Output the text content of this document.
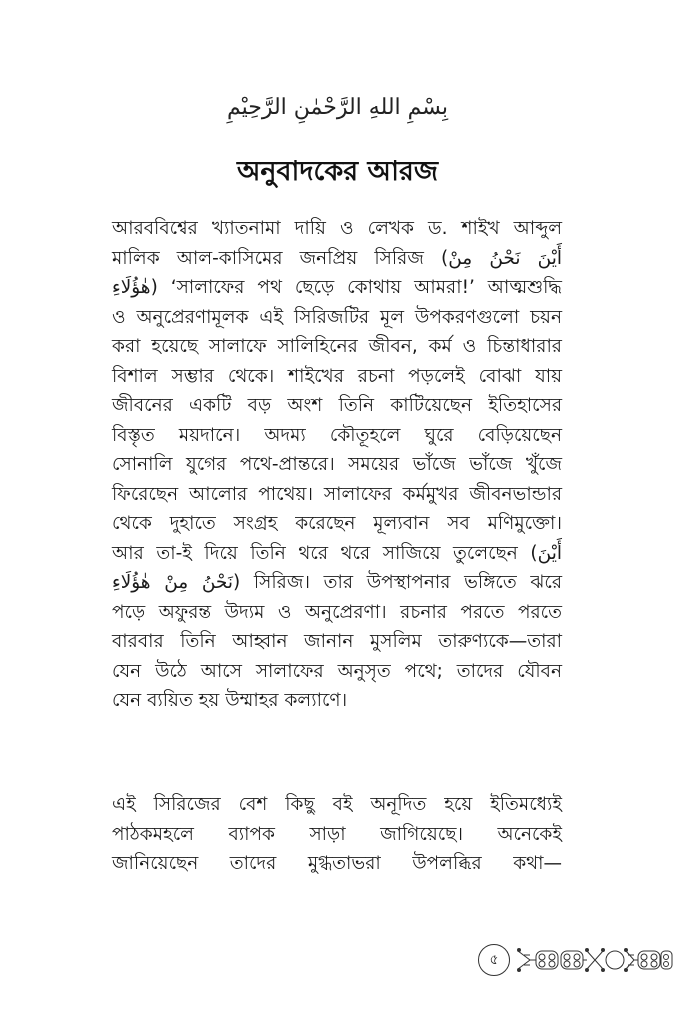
بِسْمِ اللهِ الرَّحْمٰنِ الرَّحِيْمِ
অনুবাদকের আরজ
আরববিশ্বের খ্যাতনামা দায়ি ও লেখক ড. শাইখ আব্দুল
মালিক আল-কাসিমের জনপ্রিয় সিরিজ (أَيْنَ نَحْنُ مِنْ
هٰؤُلَاءِ) ‘সালাফের পথ ছেড়ে কোথায় আমরা!’ আত্মশুদ্ধি
ও অনুপ্রেরণামূলক এই সিরিজটির মূল উপকরণগুলো চয়ন
করা হয়েছে সালাফে সালিহিনের জীবন, কর্ম ও চিন্তাধারার
বিশাল সম্ভার থেকে। শাইখের রচনা পড়লেই বোঝা যায়
জীবনের একটি বড় অংশ তিনি কাটিয়েছেন ইতিহাসের
বিস্তৃত ময়দানে। অদম্য কৌতূহলে ঘুরে বেড়িয়েছেন
সোনালি যুগের পথে-প্রান্তরে। সময়ের ভাঁজে ভাঁজে খুঁজে
ফিরেছেন আলোর পাথেয়। সালাফের কর্মমুখর জীবনভান্ডার
থেকে দুহাতে সংগ্রহ করেছেন মূল্যবান সব মণিমুক্তো।
আর তা-ই দিয়ে তিনি থরে থরে সাজিয়ে তুলেছেন (أَيْنَ
نَحْنُ مِنْ هٰؤُلَاءِ) সিরিজ। তার উপস্থাপনার ভঙ্গিতে ঝরে
পড়ে অফুরন্ত উদ্যম ও অনুপ্রেরণা। রচনার পরতে পরতে
বারবার তিনি আহ্বান জানান মুসলিম তারুণ্যকে—তারা
যেন উঠে আসে সালাফের অনুসৃত পথে; তাদের যৌবন
যেন ব্যয়িত হয় উম্মাহর কল্যাণে।
এই সিরিজের বেশ কিছু বই অনূদিত হয়ে ইতিমধ্যেই
পাঠকমহলে ব্যাপক সাড়া জাগিয়েছে। অনেকেই
জানিয়েছেন তাদের মুগ্ধতাভরা উপলব্ধির কথা—
৫
